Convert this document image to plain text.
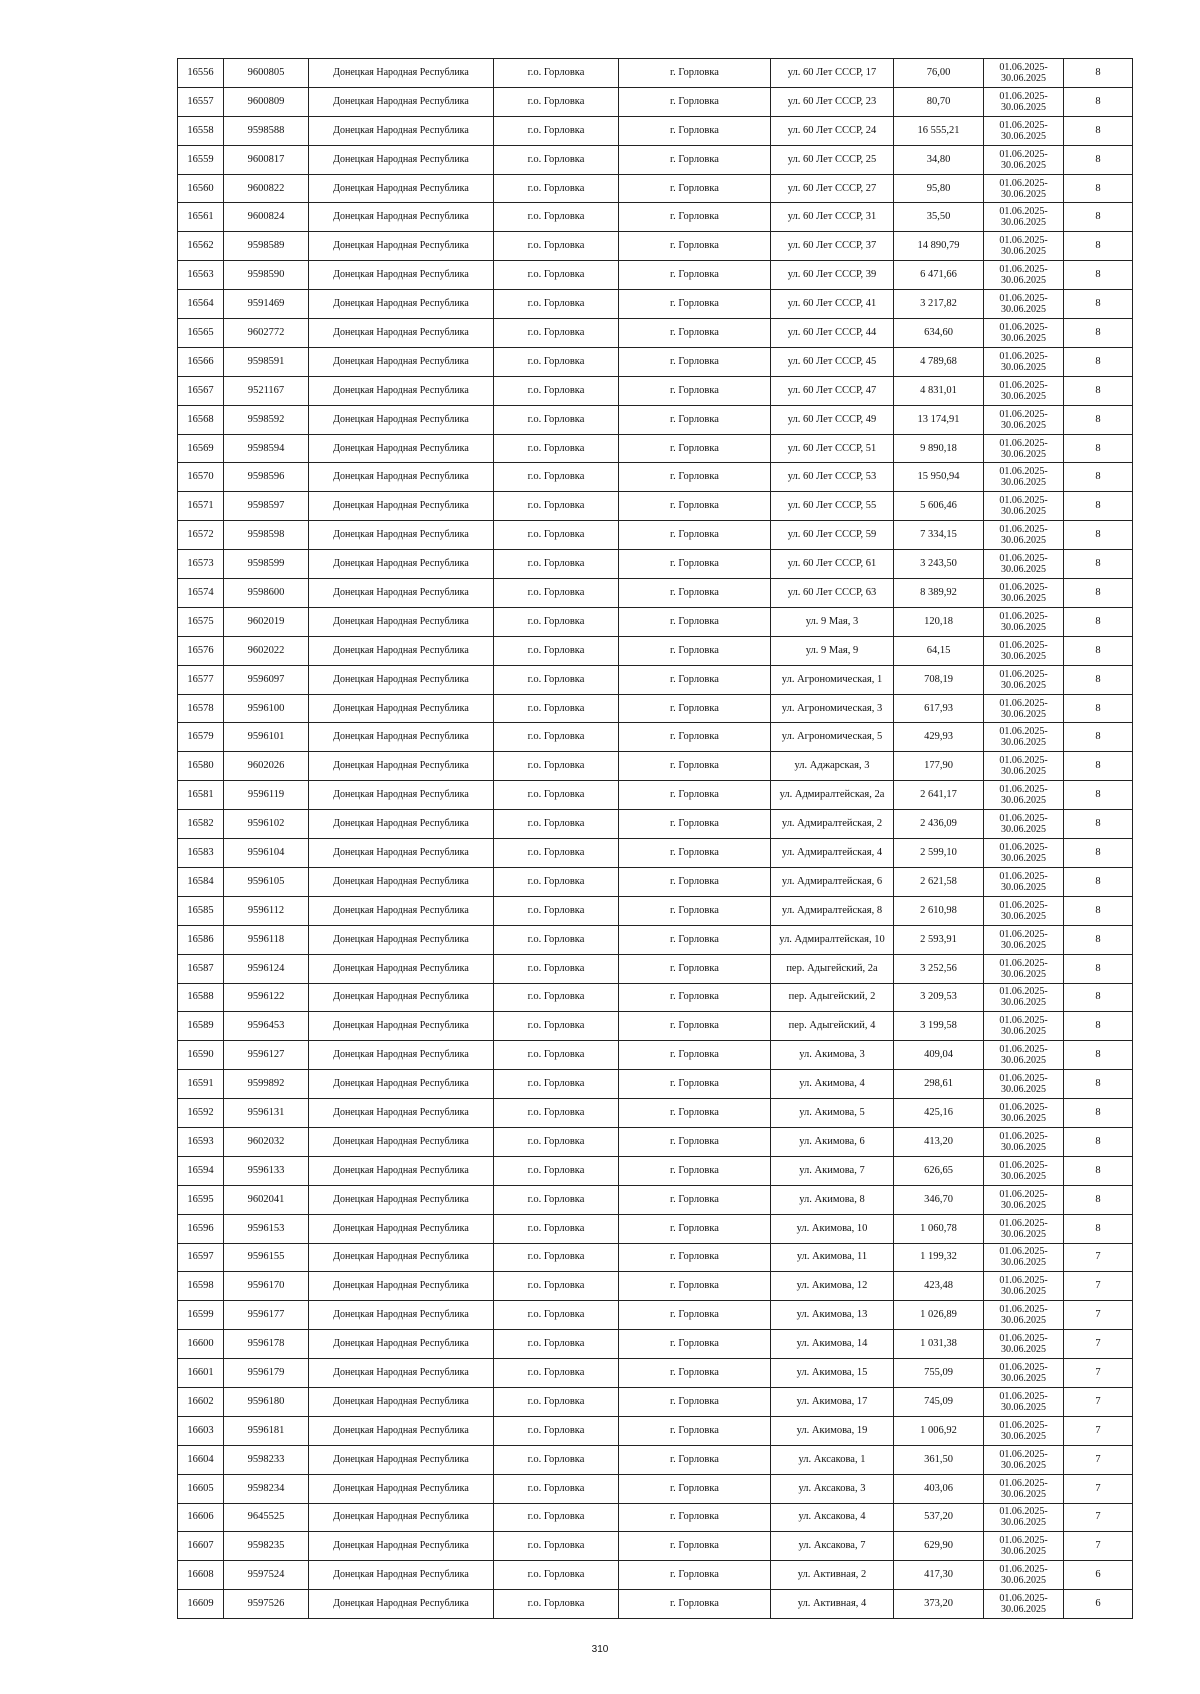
16556	9600805	Донецкая Народная Республика	г.о. Горловка	г. Горловка	ул. 60 Лет СССР, 17	76,00	01.06.2025-30.06.2025	8
16557	9600809	Донецкая Народная Республика	г.о. Горловка	г. Горловка	ул. 60 Лет СССР, 23	80,70	01.06.2025-30.06.2025	8
16558	9598588	Донецкая Народная Республика	г.о. Горловка	г. Горловка	ул. 60 Лет СССР, 24	16 555,21	01.06.2025-30.06.2025	8
16559	9600817	Донецкая Народная Республика	г.о. Горловка	г. Горловка	ул. 60 Лет СССР, 25	34,80	01.06.2025-30.06.2025	8
16560	9600822	Донецкая Народная Республика	г.о. Горловка	г. Горловка	ул. 60 Лет СССР, 27	95,80	01.06.2025-30.06.2025	8
16561	9600824	Донецкая Народная Республика	г.о. Горловка	г. Горловка	ул. 60 Лет СССР, 31	35,50	01.06.2025-30.06.2025	8
16562	9598589	Донецкая Народная Республика	г.о. Горловка	г. Горловка	ул. 60 Лет СССР, 37	14 890,79	01.06.2025-30.06.2025	8
16563	9598590	Донецкая Народная Республика	г.о. Горловка	г. Горловка	ул. 60 Лет СССР, 39	6 471,66	01.06.2025-30.06.2025	8
16564	9591469	Донецкая Народная Республика	г.о. Горловка	г. Горловка	ул. 60 Лет СССР, 41	3 217,82	01.06.2025-30.06.2025	8
16565	9602772	Донецкая Народная Республика	г.о. Горловка	г. Горловка	ул. 60 Лет СССР, 44	634,60	01.06.2025-30.06.2025	8
16566	9598591	Донецкая Народная Республика	г.о. Горловка	г. Горловка	ул. 60 Лет СССР, 45	4 789,68	01.06.2025-30.06.2025	8
16567	9521167	Донецкая Народная Республика	г.о. Горловка	г. Горловка	ул. 60 Лет СССР, 47	4 831,01	01.06.2025-30.06.2025	8
16568	9598592	Донецкая Народная Республика	г.о. Горловка	г. Горловка	ул. 60 Лет СССР, 49	13 174,91	01.06.2025-30.06.2025	8
16569	9598594	Донецкая Народная Республика	г.о. Горловка	г. Горловка	ул. 60 Лет СССР, 51	9 890,18	01.06.2025-30.06.2025	8
16570	9598596	Донецкая Народная Республика	г.о. Горловка	г. Горловка	ул. 60 Лет СССР, 53	15 950,94	01.06.2025-30.06.2025	8
16571	9598597	Донецкая Народная Республика	г.о. Горловка	г. Горловка	ул. 60 Лет СССР, 55	5 606,46	01.06.2025-30.06.2025	8
16572	9598598	Донецкая Народная Республика	г.о. Горловка	г. Горловка	ул. 60 Лет СССР, 59	7 334,15	01.06.2025-30.06.2025	8
16573	9598599	Донецкая Народная Республика	г.о. Горловка	г. Горловка	ул. 60 Лет СССР, 61	3 243,50	01.06.2025-30.06.2025	8
16574	9598600	Донецкая Народная Республика	г.о. Горловка	г. Горловка	ул. 60 Лет СССР, 63	8 389,92	01.06.2025-30.06.2025	8
16575	9602019	Донецкая Народная Республика	г.о. Горловка	г. Горловка	ул. 9 Мая, 3	120,18	01.06.2025-30.06.2025	8
16576	9602022	Донецкая Народная Республика	г.о. Горловка	г. Горловка	ул. 9 Мая, 9	64,15	01.06.2025-30.06.2025	8
16577	9596097	Донецкая Народная Республика	г.о. Горловка	г. Горловка	ул. Агрономическая, 1	708,19	01.06.2025-30.06.2025	8
16578	9596100	Донецкая Народная Республика	г.о. Горловка	г. Горловка	ул. Агрономическая, 3	617,93	01.06.2025-30.06.2025	8
16579	9596101	Донецкая Народная Республика	г.о. Горловка	г. Горловка	ул. Агрономическая, 5	429,93	01.06.2025-30.06.2025	8
16580	9602026	Донецкая Народная Республика	г.о. Горловка	г. Горловка	ул. Аджарская, 3	177,90	01.06.2025-30.06.2025	8
16581	9596119	Донецкая Народная Республика	г.о. Горловка	г. Горловка	ул. Адмиралтейская, 2а	2 641,17	01.06.2025-30.06.2025	8
16582	9596102	Донецкая Народная Республика	г.о. Горловка	г. Горловка	ул. Адмиралтейская, 2	2 436,09	01.06.2025-30.06.2025	8
16583	9596104	Донецкая Народная Республика	г.о. Горловка	г. Горловка	ул. Адмиралтейская, 4	2 599,10	01.06.2025-30.06.2025	8
16584	9596105	Донецкая Народная Республика	г.о. Горловка	г. Горловка	ул. Адмиралтейская, 6	2 621,58	01.06.2025-30.06.2025	8
16585	9596112	Донецкая Народная Республика	г.о. Горловка	г. Горловка	ул. Адмиралтейская, 8	2 610,98	01.06.2025-30.06.2025	8
16586	9596118	Донецкая Народная Республика	г.о. Горловка	г. Горловка	ул. Адмиралтейская, 10	2 593,91	01.06.2025-30.06.2025	8
16587	9596124	Донецкая Народная Республика	г.о. Горловка	г. Горловка	пер. Адыгейский, 2а	3 252,56	01.06.2025-30.06.2025	8
16588	9596122	Донецкая Народная Республика	г.о. Горловка	г. Горловка	пер. Адыгейский, 2	3 209,53	01.06.2025-30.06.2025	8
16589	9596453	Донецкая Народная Республика	г.о. Горловка	г. Горловка	пер. Адыгейский, 4	3 199,58	01.06.2025-30.06.2025	8
16590	9596127	Донецкая Народная Республика	г.о. Горловка	г. Горловка	ул. Акимова, 3	409,04	01.06.2025-30.06.2025	8
16591	9599892	Донецкая Народная Республика	г.о. Горловка	г. Горловка	ул. Акимова, 4	298,61	01.06.2025-30.06.2025	8
16592	9596131	Донецкая Народная Республика	г.о. Горловка	г. Горловка	ул. Акимова, 5	425,16	01.06.2025-30.06.2025	8
16593	9602032	Донецкая Народная Республика	г.о. Горловка	г. Горловка	ул. Акимова, 6	413,20	01.06.2025-30.06.2025	8
16594	9596133	Донецкая Народная Республика	г.о. Горловка	г. Горловка	ул. Акимова, 7	626,65	01.06.2025-30.06.2025	8
16595	9602041	Донецкая Народная Республика	г.о. Горловка	г. Горловка	ул. Акимова, 8	346,70	01.06.2025-30.06.2025	8
16596	9596153	Донецкая Народная Республика	г.о. Горловка	г. Горловка	ул. Акимова, 10	1 060,78	01.06.2025-30.06.2025	8
16597	9596155	Донецкая Народная Республика	г.о. Горловка	г. Горловка	ул. Акимова, 11	1 199,32	01.06.2025-30.06.2025	7
16598	9596170	Донецкая Народная Республика	г.о. Горловка	г. Горловка	ул. Акимова, 12	423,48	01.06.2025-30.06.2025	7
16599	9596177	Донецкая Народная Республика	г.о. Горловка	г. Горловка	ул. Акимова, 13	1 026,89	01.06.2025-30.06.2025	7
16600	9596178	Донецкая Народная Республика	г.о. Горловка	г. Горловка	ул. Акимова, 14	1 031,38	01.06.2025-30.06.2025	7
16601	9596179	Донецкая Народная Республика	г.о. Горловка	г. Горловка	ул. Акимова, 15	755,09	01.06.2025-30.06.2025	7
16602	9596180	Донецкая Народная Республика	г.о. Горловка	г. Горловка	ул. Акимова, 17	745,09	01.06.2025-30.06.2025	7
16603	9596181	Донецкая Народная Республика	г.о. Горловка	г. Горловка	ул. Акимова, 19	1 006,92	01.06.2025-30.06.2025	7
16604	9598233	Донецкая Народная Республика	г.о. Горловка	г. Горловка	ул. Аксакова, 1	361,50	01.06.2025-30.06.2025	7
16605	9598234	Донецкая Народная Республика	г.о. Горловка	г. Горловка	ул. Аксакова, 3	403,06	01.06.2025-30.06.2025	7
16606	9645525	Донецкая Народная Республика	г.о. Горловка	г. Горловка	ул. Аксакова, 4	537,20	01.06.2025-30.06.2025	7
16607	9598235	Донецкая Народная Республика	г.о. Горловка	г. Горловка	ул. Аксакова, 7	629,90	01.06.2025-30.06.2025	7
16608	9597524	Донецкая Народная Республика	г.о. Горловка	г. Горловка	ул. Активная, 2	417,30	01.06.2025-30.06.2025	6
16609	9597526	Донецкая Народная Республика	г.о. Горловка	г. Горловка	ул. Активная, 4	373,20	01.06.2025-30.06.2025	6
310
